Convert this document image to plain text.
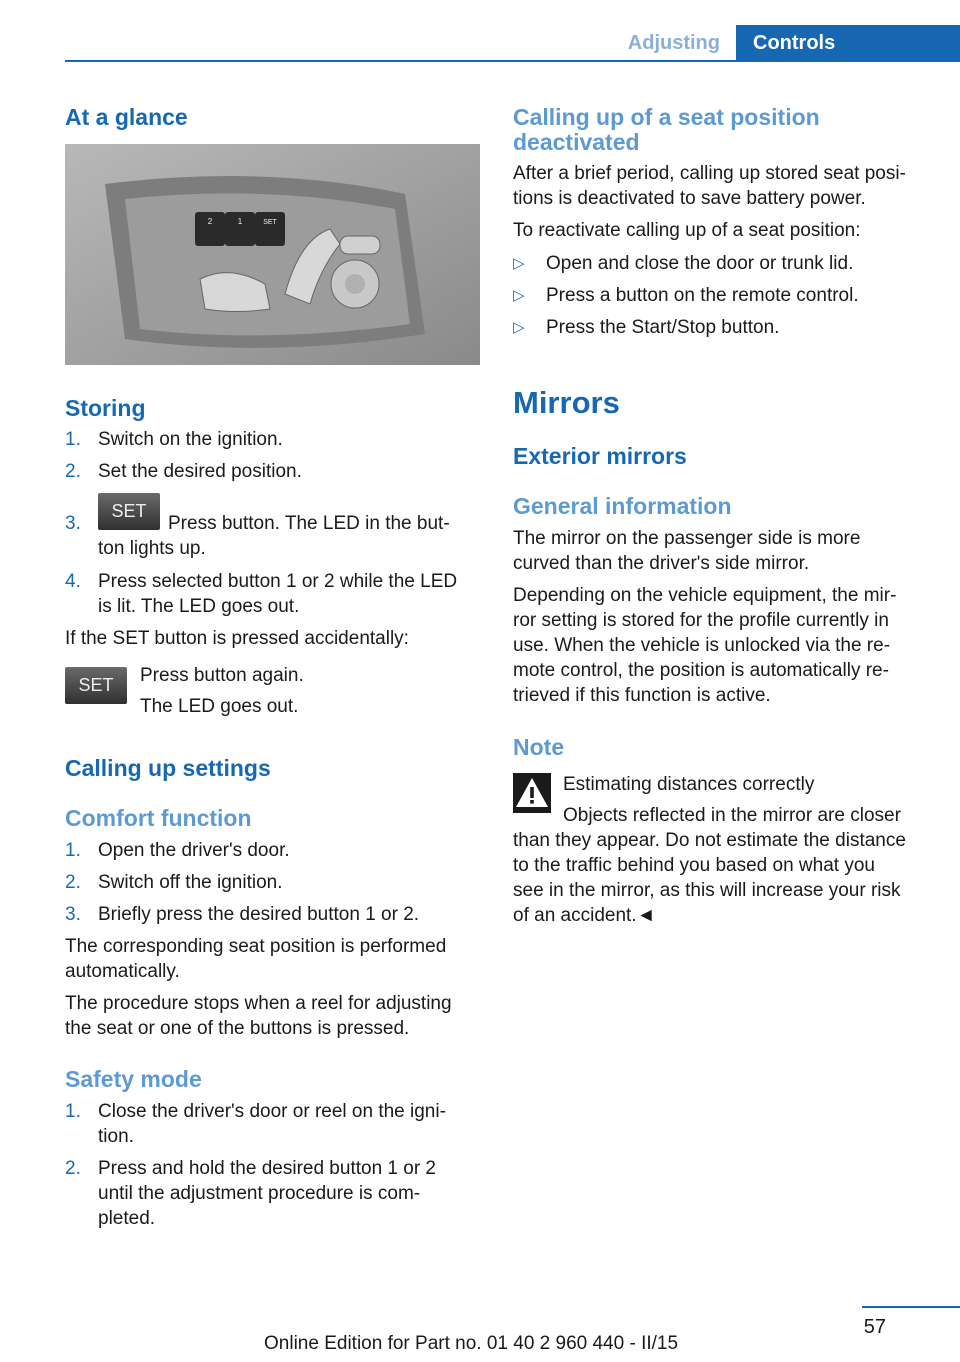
Adjusting	Controls
At a glance
2	1	SET
Storing
1. Switch on the ignition.
2. Set the desired position.
3.
SET
Press button. The LED in the but-
ton lights up.
4. Press selected button 1 or 2 while the LED
is lit. The LED goes out.
If the SET button is pressed accidentally:
SET	Press button again.
The LED goes out.
Calling up settings
Comfort function
1. Open the driver's door.
2. Switch off the ignition.
3. Briefly press the desired button 1 or 2.
The corresponding seat position is performed
automatically.
The procedure stops when a reel for adjusting
the seat or one of the buttons is pressed.
Safety mode
1. Close the driver's door or reel on the igni-
tion.
2. Press and hold the desired button 1 or 2
until the adjustment procedure is com-
pleted.
Calling up of a seat position
deactivated
After a brief period, calling up stored seat posi-
tions is deactivated to save battery power.
To reactivate calling up of a seat position:
▷ Open and close the door or trunk lid.
▷ Press a button on the remote control.
▷ Press the Start/Stop button.
Mirrors
Exterior mirrors
General information
The mirror on the passenger side is more
curved than the driver's side mirror.
Depending on the vehicle equipment, the mir-
ror setting is stored for the profile currently in
use. When the vehicle is unlocked via the re-
mote control, the position is automatically re-
trieved if this function is active.
Note
Estimating distances correctly
Objects reflected in the mirror are closer
than they appear. Do not estimate the distance
to the traffic behind you based on what you
see in the mirror, as this will increase your risk
of an accident.◄
57
Online Edition for Part no. 01 40 2 960 440 - II/15
